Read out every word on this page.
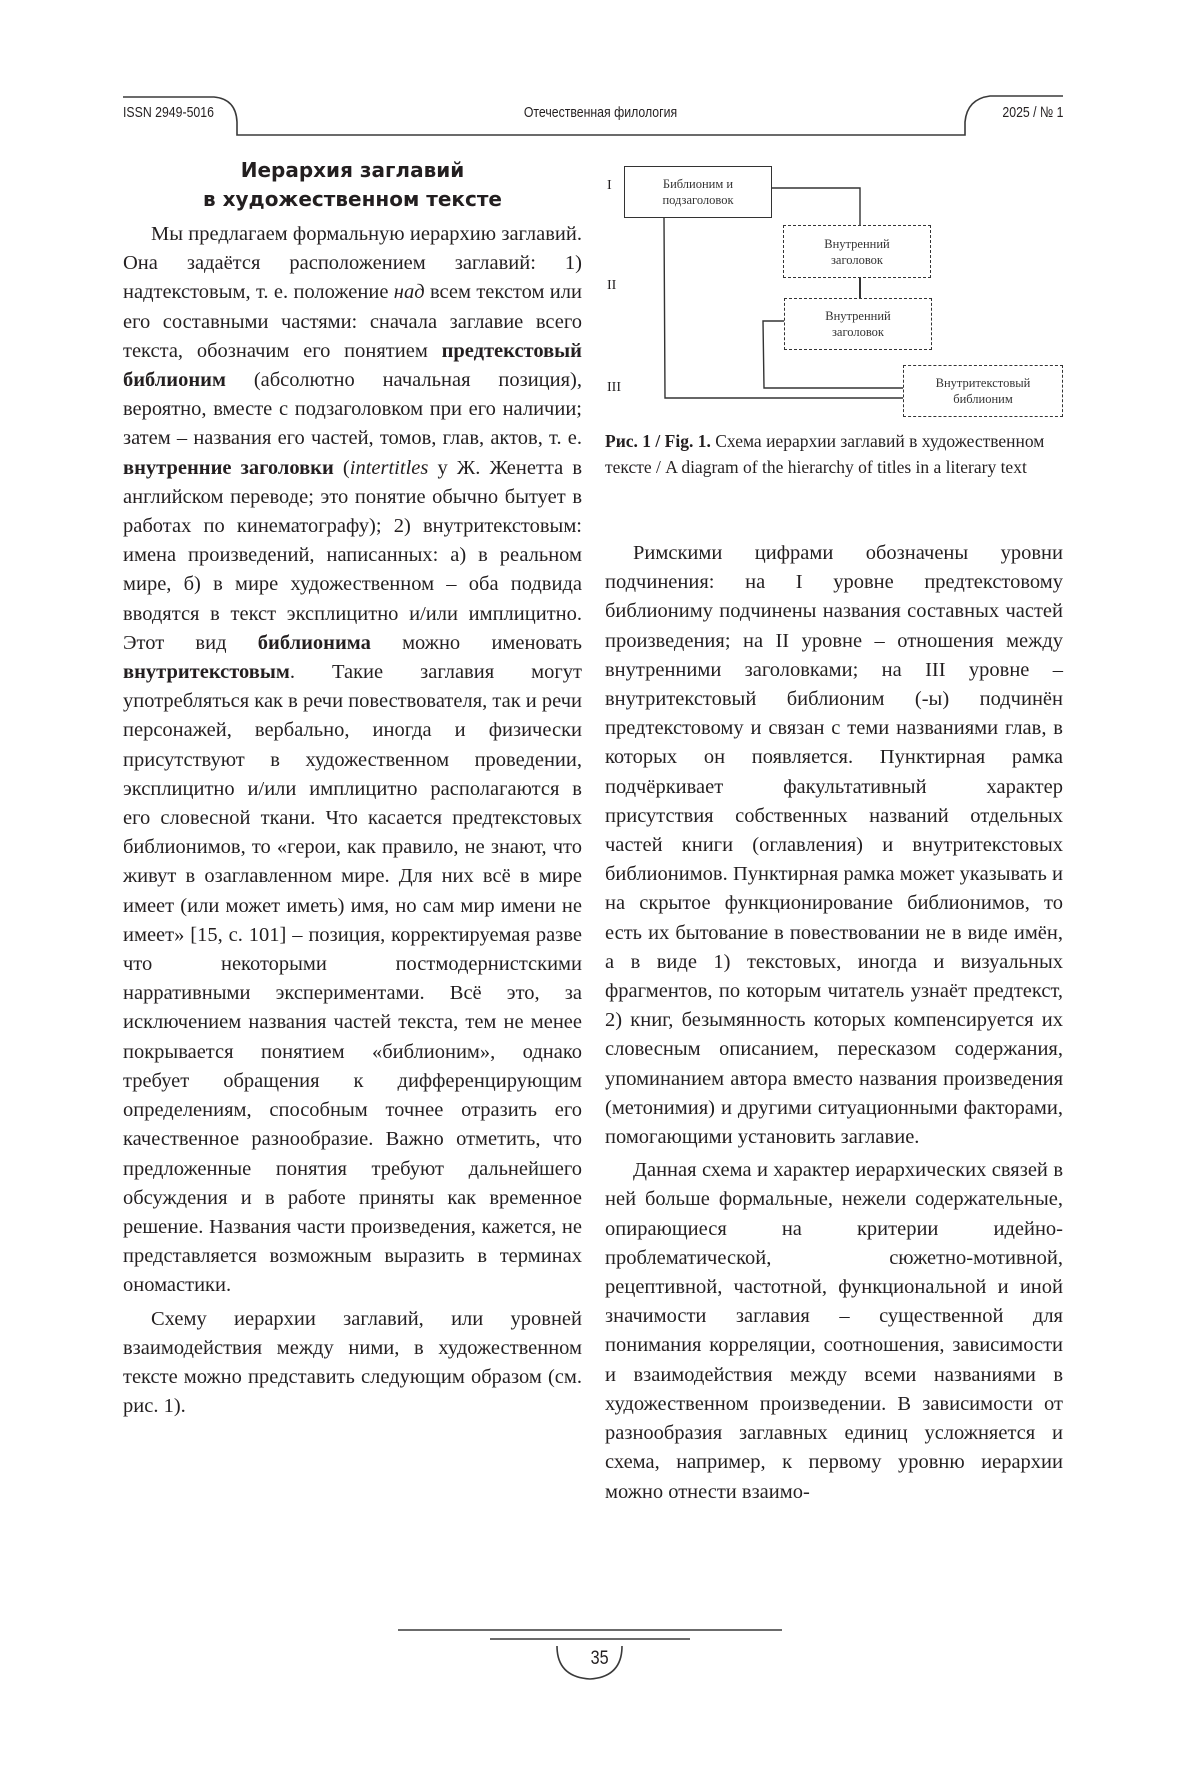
ISSN 2949-5016	Отечественная филология	2025 / № 1
Иерархия заглавий
в художественном тексте

Мы предлагаем формальную иерархию заглавий. Она задаётся расположением заглавий: 1) надтекстовым, т. е. положение над всем текстом или его составными частями: сначала заглавие всего текста, обозначим его понятием предтекстовый библионим (абсолютно начальная позиция), вероятно, вместе с подзаголовком при его наличии; затем – названия его частей, томов, глав, актов, т. е. внутренние заголовки (intertitles у Ж. Женетта в английском переводе; это понятие обычно бытует в работах по кинематографу); 2) внутритекстовым: имена произведений, написанных: а) в реальном мире, б) в мире художественном – оба подвида вводятся в текст эксплицитно и/или имплицитно. Этот вид библионима можно именовать внутритекстовым. Такие заглавия могут употребляться как в речи повествователя, так и речи персонажей, вербально, иногда и физически присутствуют в художественном проведении, эксплицитно и/или имплицитно располагаются в его словесной ткани. Что касается предтекстовых библионимов, то «герои, как правило, не знают, что живут в озаглавленном мире. Для них всё в мире имеет (или может иметь) имя, но сам мир имени не имеет» [15, с. 101] – позиция, корректируемая разве что некоторыми постмодернистскими нарративными экспериментами. Всё это, за исключением названия частей текста, тем не менее покрывается понятием «библионим», однако требует обращения к дифференцирующим определениям, способным точнее отразить его качественное разнообразие. Важно отметить, что предложенные понятия требуют дальнейшего обсуждения и в работе приняты как временное решение. Названия части произведения, кажется, не представляется возможным выразить в терминах ономастики.

Схему иерархии заглавий, или уровней взаимодействия между ними, в художественном тексте можно представить следующим образом (см. рис. 1).

I
II
III
Библионим и
подзаголовок
Внутренний
заголовок
Внутренний
заголовок
Внутритекстовый
библионим
Рис. 1 / Fig. 1. Схема иерархии заглавий в художественном тексте / A diagram of the hierarchy of titles in a literary text

Римскими цифрами обозначены уровни подчинения: на I уровне предтекстовому библиониму подчинены названия составных частей произведения; на II уровне – отношения между внутренними заголовками; на III уровне – внутритекстовый библионим (-ы) подчинён предтекстовому и связан с теми названиями глав, в которых он появляется. Пунктирная рамка подчёркивает факультативный характер присутствия собственных названий отдельных частей книги (оглавления) и внутритекстовых библионимов. Пунктирная рамка может указывать и на скрытое функционирование библионимов, то есть их бытование в повествовании не в виде имён, а в виде 1) текстовых, иногда и визуальных фрагментов, по которым читатель узнаёт предтекст, 2) книг, безымянность которых компенсируется их словесным описанием, пересказом содержания, упоминанием автора вместо названия произведения (метонимия) и другими ситуационными факторами, помогающими установить заглавие.

Данная схема и характер иерархических связей в ней больше формальные, нежели содержательные, опирающиеся на критерии идейно-проблематической, сюжетно-мотивной, рецептивной, частотной, функциональной и иной значимости заглавия – существенной для понимания корреляции, соотношения, зависимости и взаимодействия между всеми названиями в художественном произведении. В зависимости от разнообразия заглавных единиц усложняется и схема, например, к первому уровню иерархии можно отнести взаимо-

35
